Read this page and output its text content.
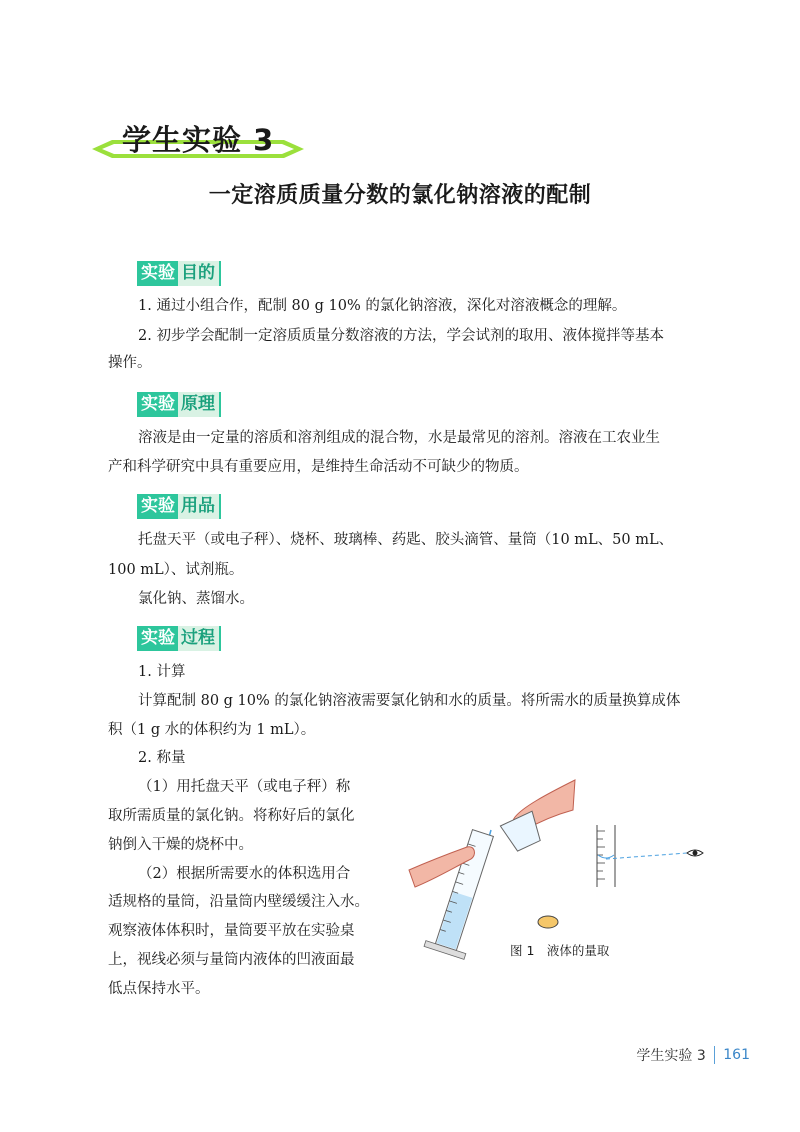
学生实验 3
一定溶质质量分数的氯化钠溶液的配制
实验 目的
1. 通过小组合作，配制 80 g 10% 的氯化钠溶液，深化对溶液概念的理解。
2. 初步学会配制一定溶质质量分数溶液的方法，学会试剂的取用、液体搅拌等基本
操作。
实验 原理
溶液是由一定量的溶质和溶剂组成的混合物，水是最常见的溶剂。溶液在工农业生
产和科学研究中具有重要应用，是维持生命活动不可缺少的物质。
实验 用品
托盘天平（或电子秤）、烧杯、玻璃棒、药匙、胶头滴管、量筒（10 mL、50 mL、
100 mL）、试剂瓶。
氯化钠、蒸馏水。
实验 过程
1. 计算
计算配制 80 g 10% 的氯化钠溶液需要氯化钠和水的质量。将所需水的质量换算成体
积（1 g 水的体积约为 1 mL）。
2. 称量
（1）用托盘天平（或电子秤）称
取所需质量的氯化钠。将称好后的氯化
钠倒入干燥的烧杯中。
（2）根据所需要水的体积选用合
适规格的量筒，沿量筒内壁缓缓注入水。
观察液体体积时，量筒要平放在实验桌
上，视线必须与量筒内液体的凹液面最
低点保持水平。
图 1　液体的量取
学生实验 3 161
